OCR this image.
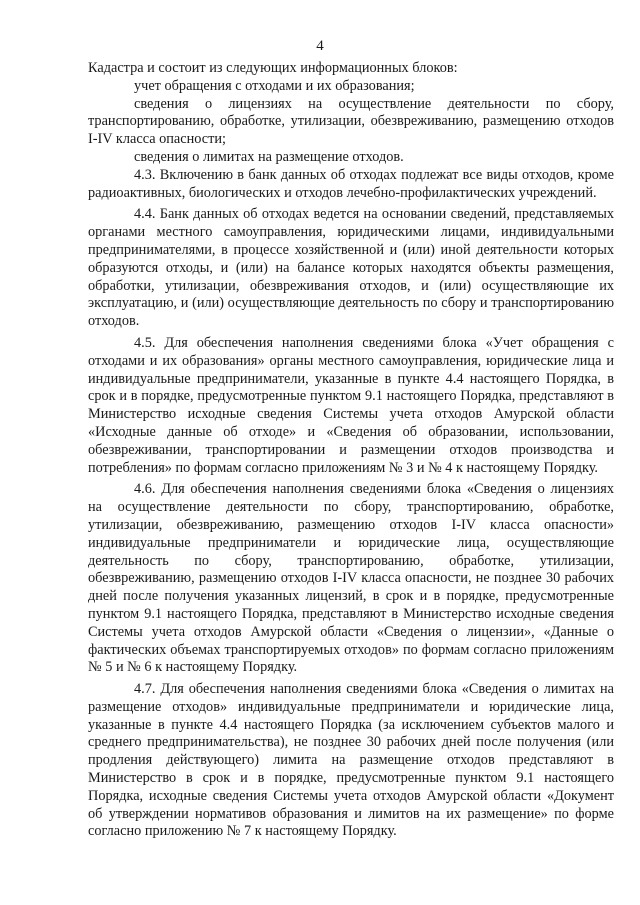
4

Кадастра и состоит из следующих информационных блоков:

учет обращения с отходами и их образования;

сведения о лицензиях на осуществление деятельности по сбору, транспортированию, обработке, утилизации, обезвреживанию, размещению отходов I-IV класса опасности;

сведения о лимитах на размещение отходов.

4.3. Включению в банк данных об отходах подлежат все виды отходов, кроме радиоактивных, биологических и отходов лечебно-профилактических учреждений.

4.4. Банк данных об отходах ведется на основании сведений, представляемых органами местного самоуправления, юридическими лицами, индивидуальными предпринимателями, в процессе хозяйственной и (или) иной деятельности которых образуются отходы, и (или) на балансе которых находятся объекты размещения, обработки, утилизации, обезвреживания отходов, и (или) осуществляющие их эксплуатацию, и (или) осуществляющие деятельность по сбору и транспортированию отходов.

4.5. Для обеспечения наполнения сведениями блока «Учет обращения с отходами и их образования» органы местного самоуправления, юридические лица и индивидуальные предприниматели, указанные в пункте 4.4 настоящего Порядка, в срок и в порядке, предусмотренные пунктом 9.1 настоящего Порядка, представляют в Министерство исходные сведения Системы учета отходов Амурской области «Исходные данные об отходе» и «Сведения об образовании, использовании, обезвреживании, транспортировании и размещении отходов производства и потребления» по формам согласно приложениям № 3 и № 4 к настоящему Порядку.

4.6. Для обеспечения наполнения сведениями блока «Сведения о лицензиях на осуществление деятельности по сбору, транспортированию, обработке, утилизации, обезвреживанию, размещению отходов I-IV класса опасности» индивидуальные предприниматели и юридические лица, осуществляющие деятельность по сбору, транспортированию, обработке, утилизации, обезвреживанию, размещению отходов I-IV класса опасности, не позднее 30 рабочих дней после получения указанных лицензий, в срок и в порядке, предусмотренные пунктом 9.1 настоящего Порядка, представляют в Министерство исходные сведения Системы учета отходов Амурской области «Сведения о лицензии», «Данные о фактических объемах транспортируемых отходов» по формам согласно приложениям № 5 и № 6 к настоящему Порядку.

4.7. Для обеспечения наполнения сведениями блока «Сведения о лимитах на размещение отходов» индивидуальные предприниматели и юридические лица, указанные в пункте 4.4 настоящего Порядка (за исключением субъектов малого и среднего предпринимательства), не позднее 30 рабочих дней после получения (или продления действующего) лимита на размещение отходов представляют в Министерство в срок и в порядке, предусмотренные пунктом 9.1 настоящего Порядка, исходные сведения Системы учета отходов Амурской области «Документ об утверждении нормативов образования и лимитов на их размещение» по форме согласно приложению № 7 к настоящему Порядку.
